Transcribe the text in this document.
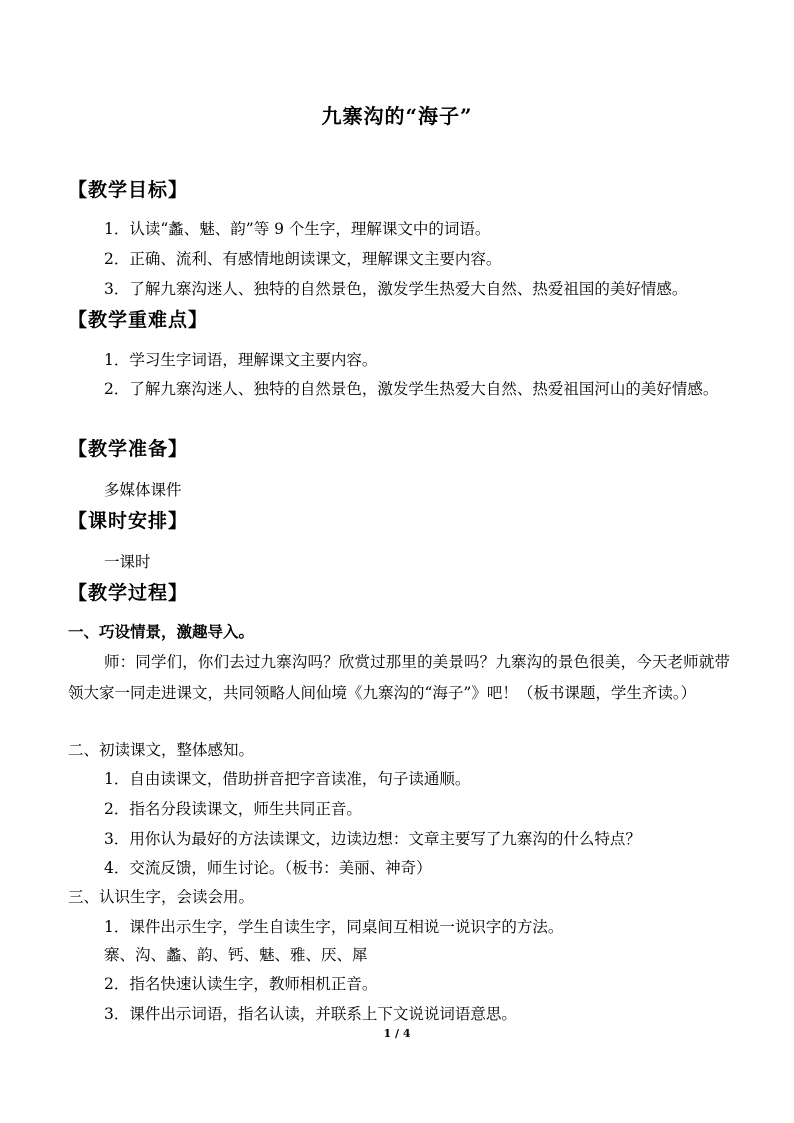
九寨沟的“海子”
【教学目标】
1．认读“蠡、魅、韵”等 9 个生字，理解课文中的词语。
2．正确、流利、有感情地朗读课文，理解课文主要内容。
3．了解九寨沟迷人、独特的自然景色，激发学生热爱大自然、热爱祖国的美好情感。
【教学重难点】
1．学习生字词语，理解课文主要内容。
2．了解九寨沟迷人、独特的自然景色，激发学生热爱大自然、热爱祖国河山的美好情感。
【教学准备】
多媒体课件
【课时安排】
一课时
【教学过程】
一、巧设情景，激趣导入。
师：同学们，你们去过九寨沟吗？欣赏过那里的美景吗？九寨沟的景色很美，今天老师就带领大家一同走进课文，共同领略人间仙境《九寨沟的“海子”》吧！（板书课题，学生齐读。）
二、初读课文，整体感知。
1．自由读课文，借助拼音把字音读准，句子读通顺。
2．指名分段读课文，师生共同正音。
3．用你认为最好的方法读课文，边读边想：文章主要写了九寨沟的什么特点？
4．交流反馈，师生讨论。（板书：美丽、神奇）
三、认识生字，会读会用。
1．课件出示生字，学生自读生字，同桌间互相说一说识字的方法。
寨、沟、蠡、韵、钙、魅、雅、厌、犀
2．指名快速认读生字，教师相机正音。
3．课件出示词语，指名认读，并联系上下文说说词语意思。
1 / 4
